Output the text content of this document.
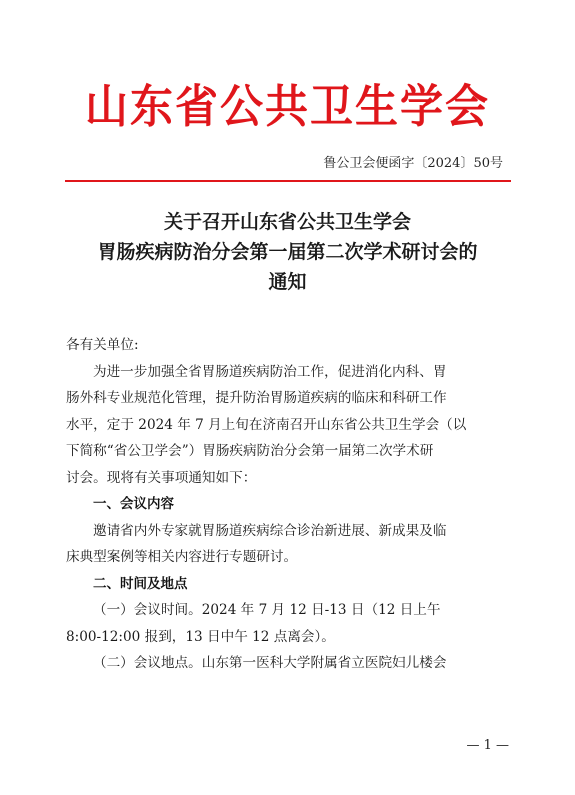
山东省公共卫生学会
鲁公卫会便函字〔2024〕50号
关于召开山东省公共卫生学会
胃肠疾病防治分会第一届第二次学术研讨会的
通知

各有关单位:

为进一步加强全省胃肠道疾病防治工作，促进消化内科、胃

肠外科专业规范化管理，提升防治胃肠道疾病的临床和科研工作

水平，定于 2024 年 7 月上旬在济南召开山东省公共卫生学会（以

下简称“省公卫学会”）胃肠疾病防治分会第一届第二次学术研

讨会。现将有关事项通知如下：

一、会议内容

邀请省内外专家就胃肠道疾病综合诊治新进展、新成果及临

床典型案例等相关内容进行专题研讨。

二、时间及地点

（一）会议时间。2024 年 7 月 12 日-13 日（12 日上午

8:00-12:00 报到，13 日中午 12 点离会）。

（二）会议地点。山东第一医科大学附属省立医院妇儿楼会

— 1 —
